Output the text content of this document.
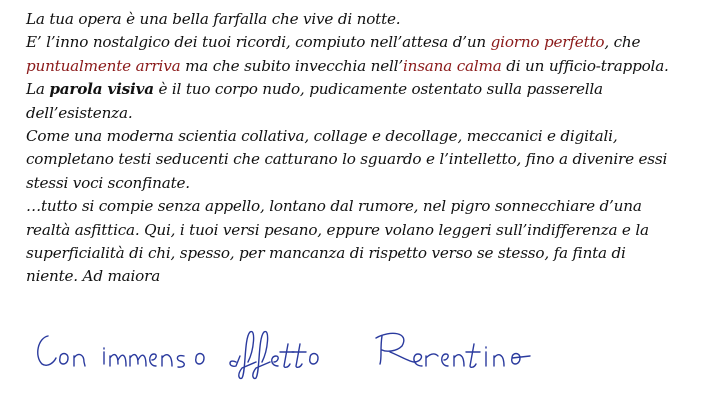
La tua opera è una bella farfalla che vive di notte.
E’ l’inno nostalgico dei tuoi ricordi, compiuto nell’attesa d’un giorno perfetto, che
puntualmente arriva ma che subito invecchia nell’insana calma di un ufficio-trappola.
La parola visiva è il tuo corpo nudo, pudicamente ostentato sulla passerella
dell’esistenza.
Come una moderna scientia collativa, collage e decollage, meccanici e digitali,
completano testi seducenti che catturano lo sguardo e l’intelletto, fino a divenire essi
stessi voci sconfinate.
…tutto si compie senza appello, lontano dal rumore, nel pigro sonnecchiare d’una
realtà asfittica. Qui, i tuoi versi pesano, eppure volano leggeri sull’indifferenza e la
superficialità di chi, spesso, per mancanza di rispetto verso se stesso, fa finta di
niente. Ad maiora
